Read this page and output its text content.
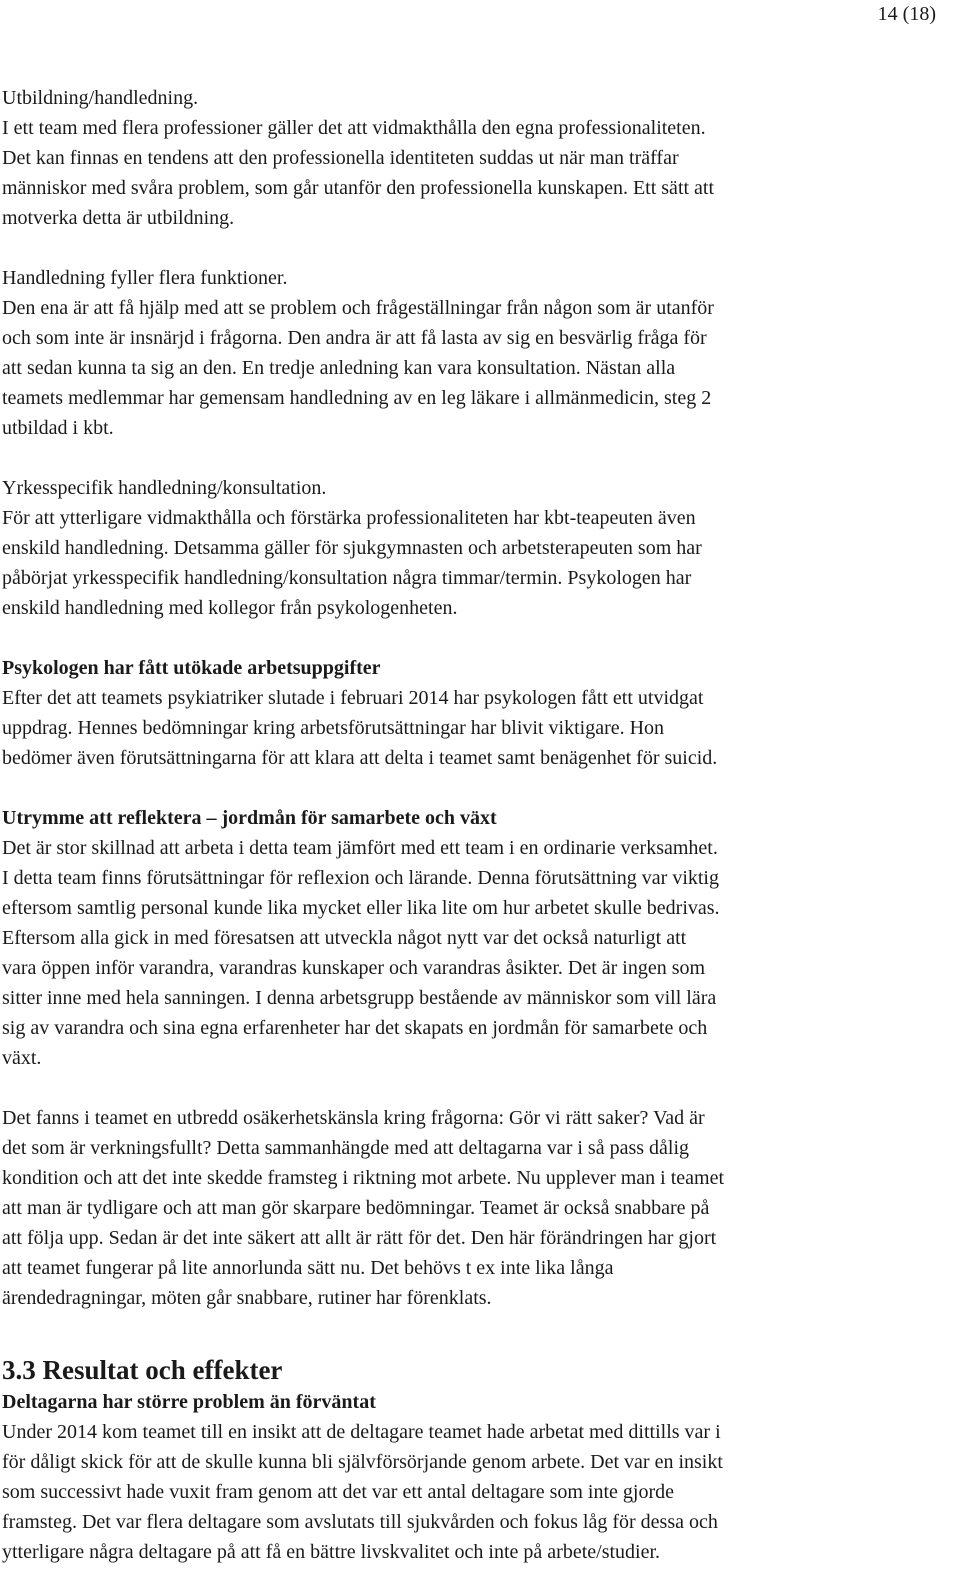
14 (18)

Utbildning/handledning.

I ett team med flera professioner gäller det att vidmakthålla den egna professionaliteten.
Det kan finnas en tendens att den professionella identiteten suddas ut när man träffar
människor med svåra problem, som går utanför den professionella kunskapen. Ett sätt att
motverka detta är utbildning.

Handledning fyller flera funktioner.

Den ena är att få hjälp med att se problem och frågeställningar från någon som är utanför
och som inte är insnärjd i frågorna. Den andra är att få lasta av sig en besvärlig fråga för
att sedan kunna ta sig an den. En tredje anledning kan vara konsultation. Nästan alla
teamets medlemmar har gemensam handledning av en leg läkare i allmänmedicin, steg 2
utbildad i kbt.

Yrkesspecifik handledning/konsultation.

För att ytterligare vidmakthålla och förstärka professionaliteten har kbt-teapeuten även
enskild handledning. Detsamma gäller för sjukgymnasten och arbetsterapeuten som har
påbörjat yrkesspecifik handledning/konsultation några timmar/termin. Psykologen har
enskild handledning med kollegor från psykologenheten.

Psykologen har fått utökade arbetsuppgifter

Efter det att teamets psykiatriker slutade i februari 2014 har psykologen fått ett utvidgat
uppdrag. Hennes bedömningar kring arbetsförutsättningar har blivit viktigare. Hon
bedömer även förutsättningarna för att klara att delta i teamet samt benägenhet för suicid.

Utrymme att reflektera – jordmån för samarbete och växt

Det är stor skillnad att arbeta i detta team jämfört med ett team i en ordinarie verksamhet.
I detta team finns förutsättningar för reflexion och lärande. Denna förutsättning var viktig
eftersom samtlig personal kunde lika mycket eller lika lite om hur arbetet skulle bedrivas.
Eftersom alla gick in med föresatsen att utveckla något nytt var det också naturligt att
vara öppen inför varandra, varandras kunskaper och varandras åsikter. Det är ingen som
sitter inne med hela sanningen. I denna arbetsgrupp bestående av människor som vill lära
sig av varandra och sina egna erfarenheter har det skapats en jordmån för samarbete och
växt.

Det fanns i teamet en utbredd osäkerhetskänsla kring frågorna: Gör vi rätt saker? Vad är
det som är verkningsfullt? Detta sammanhängde med att deltagarna var i så pass dålig
kondition och att det inte skedde framsteg i riktning mot arbete. Nu upplever man i teamet
att man är tydligare och att man gör skarpare bedömningar. Teamet är också snabbare på
att följa upp. Sedan är det inte säkert att allt är rätt för det. Den här förändringen har gjort
att teamet fungerar på lite annorlunda sätt nu. Det behövs t ex inte lika långa
ärendedragningar, möten går snabbare, rutiner har förenklats.

3.3 Resultat och effekter

Deltagarna har större problem än förväntat

Under 2014 kom teamet till en insikt att de deltagare teamet hade arbetat med dittills var i
för dåligt skick för att de skulle kunna bli självförsörjande genom arbete. Det var en insikt
som successivt hade vuxit fram genom att det var ett antal deltagare som inte gjorde
framsteg. Det var flera deltagare som avslutats till sjukvården och fokus låg för dessa och
ytterligare några deltagare på att få en bättre livskvalitet och inte på arbete/studier.
